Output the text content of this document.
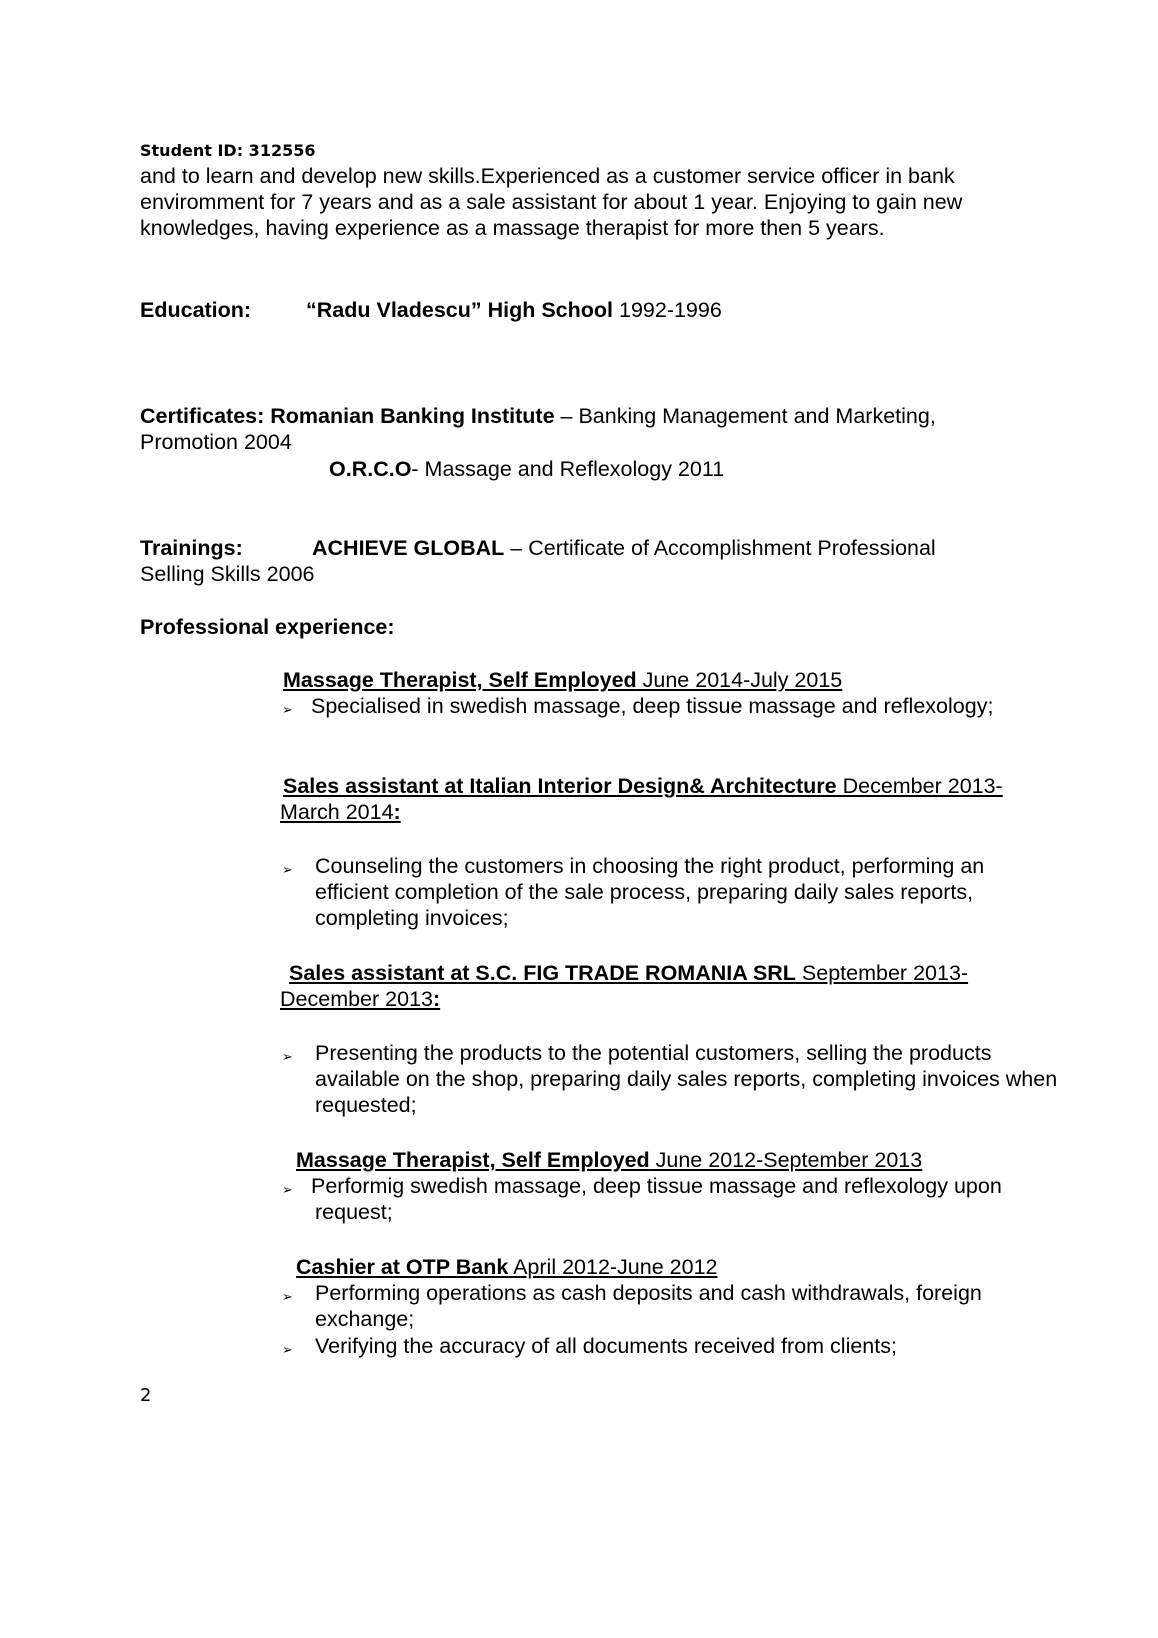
Student ID: 312556
and to learn and develop new skills.Experienced as a customer service officer in bank
enviromment for 7 years and as a sale assistant for about 1 year. Enjoying to gain new
knowledges, having experience as a massage therapist for more then 5 years.
Education:	“Radu Vladescu” High School 1992-1996
Certificates: Romanian Banking Institute – Banking Management and Marketing,
Promotion 2004
O.R.C.O- Massage and Reflexology 2011
Trainings:	ACHIEVE GLOBAL – Certificate of Accomplishment Professional
Selling Skills 2006
Professional experience:
Massage Therapist, Self Employed June 2014-July 2015
➢ Specialised in swedish massage, deep tissue massage and reflexology;
Sales assistant at Italian Interior Design& Architecture December 2013-
March 2014:
➢ Counseling the customers in choosing the right product, performing an
efficient completion of the sale process, preparing daily sales reports,
completing invoices;
Sales assistant at S.C. FIG TRADE ROMANIA SRL September 2013-
December 2013:
➢ Presenting the products to the potential customers, selling the products
available on the shop, preparing daily sales reports, completing invoices when
requested;
Massage Therapist, Self Employed June 2012-September 2013
➢ Performig swedish massage, deep tissue massage and reflexology upon
request;
Cashier at OTP Bank April 2012-June 2012
➢ Performing operations as cash deposits and cash withdrawals, foreign
exchange;
➢ Verifying the accuracy of all documents received from clients;
2
